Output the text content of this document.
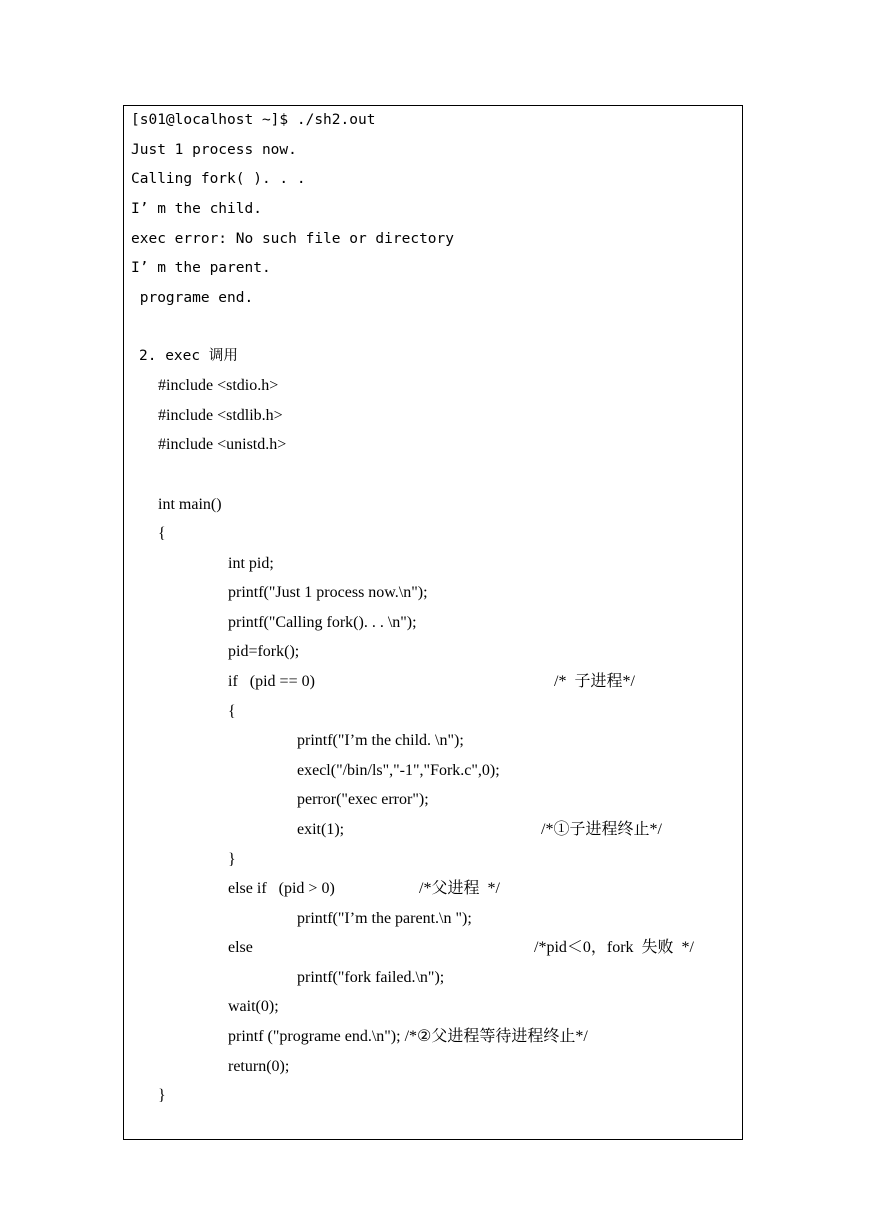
[s01@localhost ~]$ ./sh2.out
Just 1 process now.
Calling fork( ). . .
I’ m the child.
exec error: No such file or directory
I’ m the parent.
programe end.
2. exec 调用
#include <stdio.h>
#include <stdlib.h>
#include <unistd.h>
int main()
{
int pid;
printf("Just 1 process now.\n");
printf("Calling fork(). . . \n");
pid=fork();
if   (pid == 0)	/*  子进程*/
{
printf("I’m the child. \n");
execl("/bin/ls","-1","Fork.c",0);
perror("exec error");
exit(1);	/*①子进程终止*/
}
else if   (pid > 0)	/*父进程  */
printf("I’m the parent.\n ");
else	/*pid＜0，fork  失败  */
printf("fork failed.\n");
wait(0);
printf ("programe end.\n"); /*②父进程等待进程终止*/
return(0);
}
